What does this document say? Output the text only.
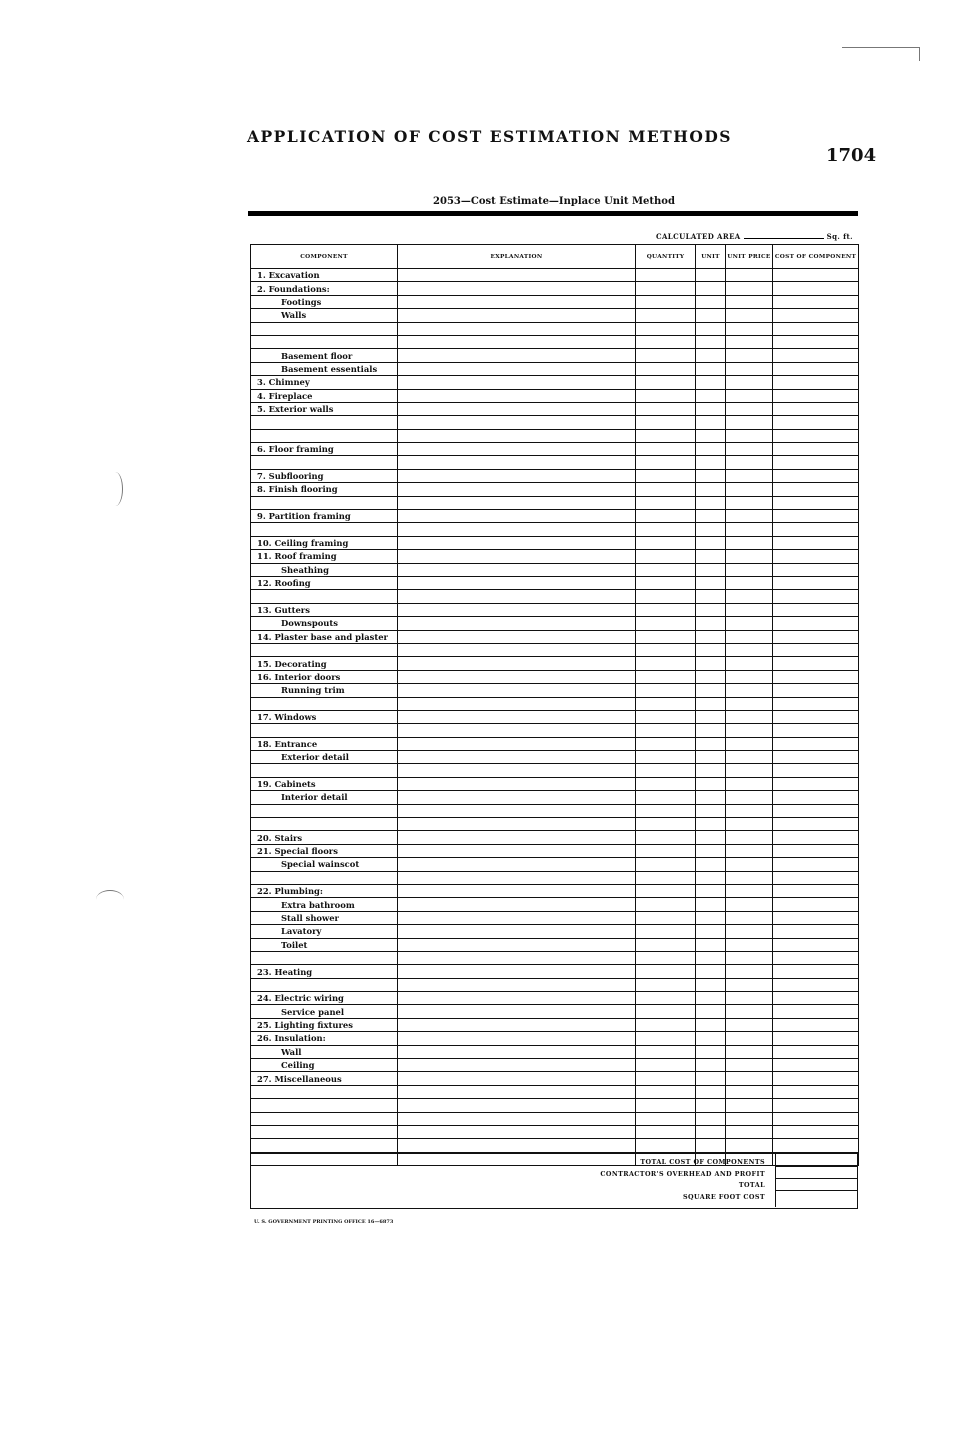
APPLICATION OF COST ESTIMATION METHODS
1704
2053—Cost Estimate—Inplace Unit Method
CALCULATED AREA	Sq. ft.
COMPONENT	EXPLANATION	QUANTITY	UNIT	UNIT PRICE	COST OF COMPONENT
1. Excavation					
2. Foundations:					
Footings					
Walls					

Basement floor					
Basement essentials					
3. Chimney					
4. Fireplace					
5. Exterior walls					

6. Floor framing					

7. Subflooring					
8. Finish flooring					

9. Partition framing					

10. Ceiling framing					
11. Roof framing					
Sheathing					
12. Roofing					

13. Gutters					
Downspouts					
14. Plaster base and plaster					

15. Decorating					
16. Interior doors					
Running trim					

17. Windows					

18. Entrance					
Exterior detail					

19. Cabinets					
Interior detail					

20. Stairs					
21. Special floors					
Special wainscot					

22. Plumbing:					
Extra bathroom					
Stall shower					
Lavatory					
Toilet					

23. Heating					

24. Electric wiring					
Service panel					
25. Lighting fixtures					
26. Insulation:					
Wall					
Ceiling					
27. Miscellaneous					

TOTAL COST OF COMPONENTS
CONTRACTOR'S OVERHEAD AND PROFIT
TOTAL
SQUARE FOOT COST
U. S. GOVERNMENT PRINTING OFFICE 16—6873
